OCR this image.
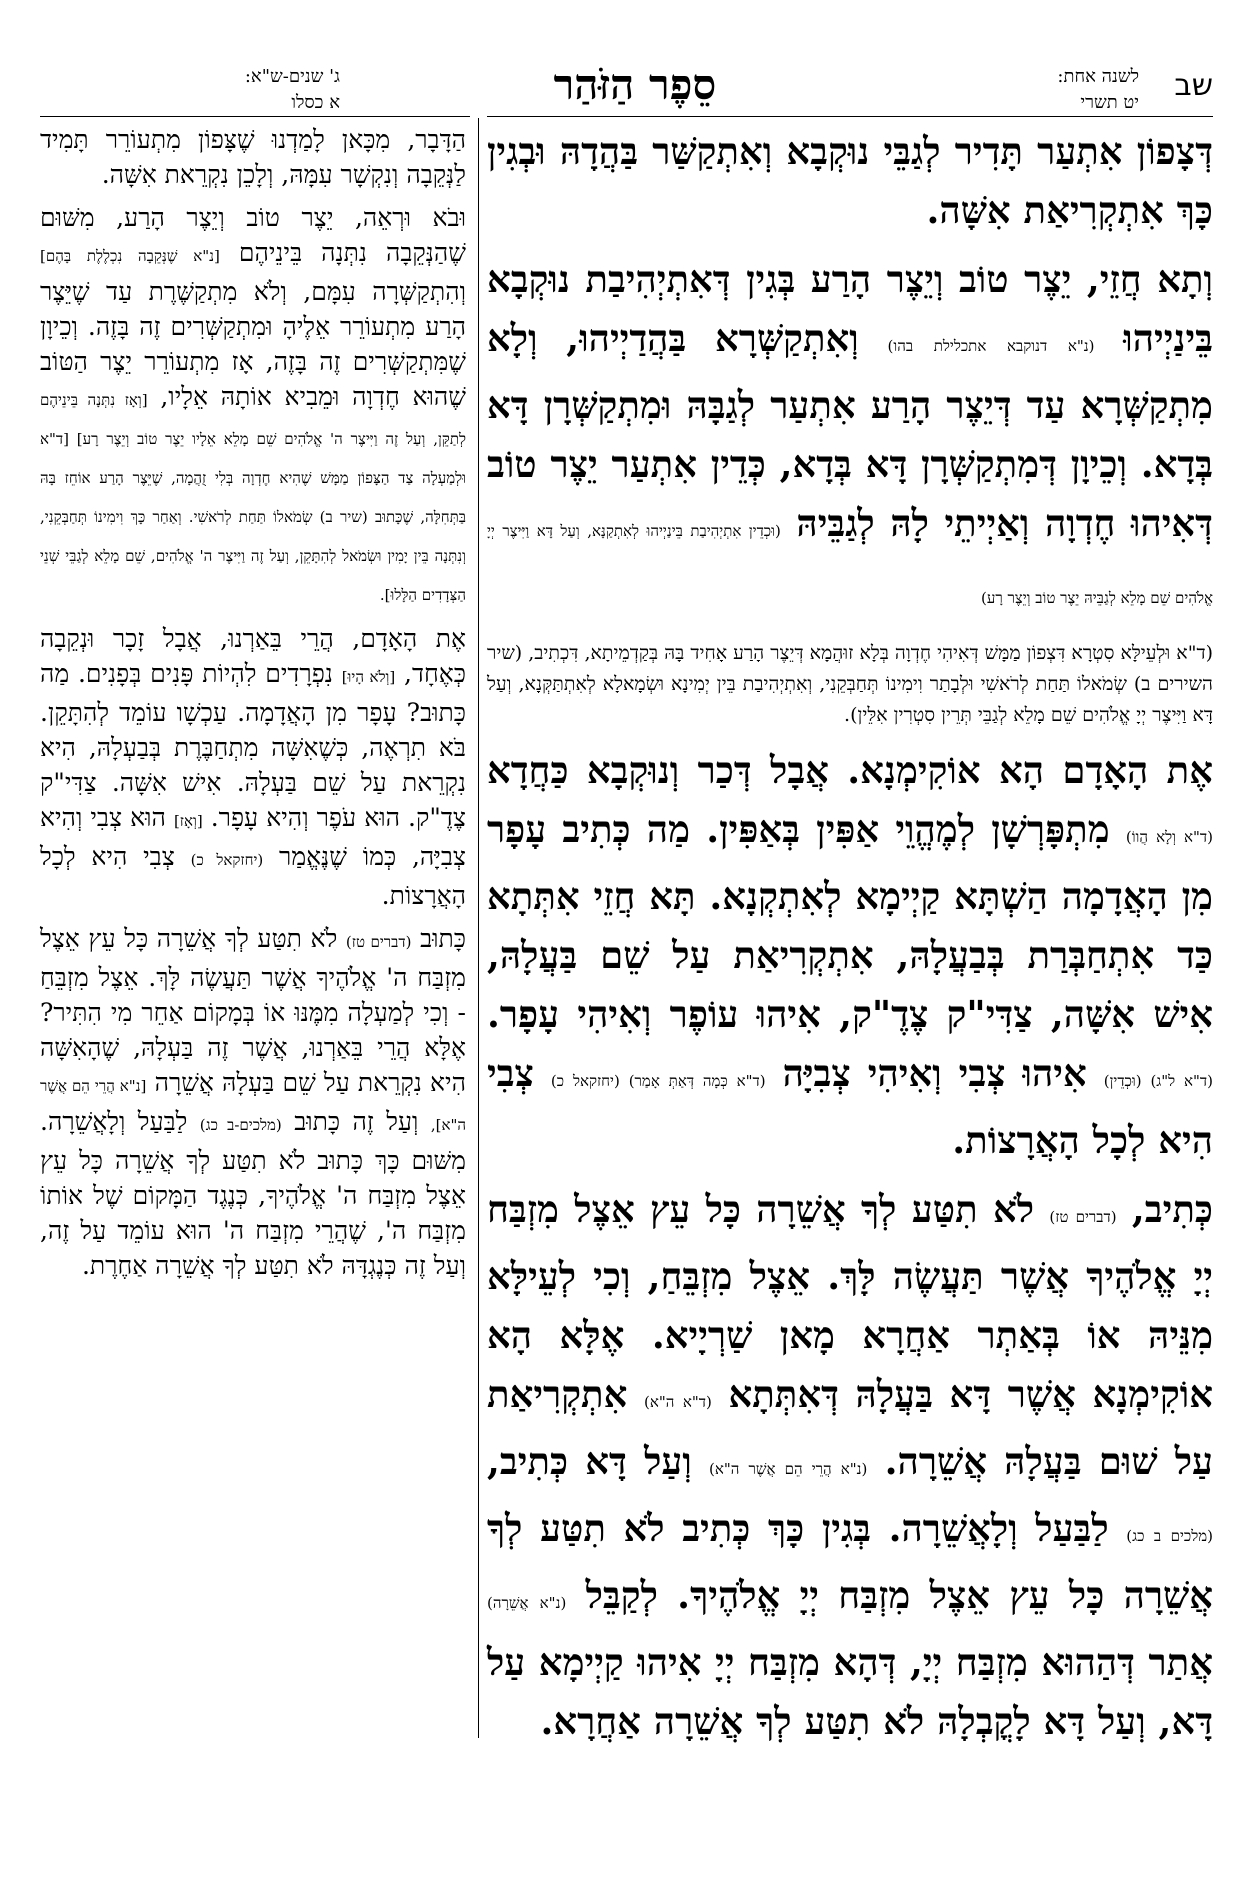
שב
לשנה אחת:
יט תשרי
סֵפֶר הַזֹּהַר
ג' שנים-ש"א:
א כסלו

דְּצָפוֹן אִתְעַר תָּדִיר לְגַבֵּי נוּקְבָא וְאִתְקַשַּׁר בַּהֲדָהּ וּבְגִין כָּךְ אִתְקְרִיאַת אִשָּׁה.

וְתָא חֲזֵי, יֵצֶר טוֹב וְיֵצֶר הָרַע בְּגִין דְּאִתְיְהִיבַת נוּקְבָא בֵּינַיְיהוּ (נ"א דנוקבא אתכלילת בהו) וְאִתְקַשְּׁרָא בַּהֲדַיְיהוּ, וְלָא מִתְקַשְּׁרָא עַד דְּיֵצֶר הָרַע אִתְעַר לְגַבָּהּ וּמִתְקַשְּׁרָן דָּא בְּדָא. וְכֵיוָן דְּמִתְקַשְּׁרָן דָּא בְּדָא, כְּדֵין אִתְעַר יֵצֶר טוֹב דְּאִיהוּ חֶדְוָה וְאַיְיתֵי לָהּ לְגַבֵּיהּ (וּכְדֵין אִתְיְהִיבַת בֵּינַיְיהוּ לְאִתְקַנָּא, וְעַל דָּא וַיִּיצֶר יְיָ אֱלֹהִים שֵׁם מָלֵא לְגַבֵּיהּ יֵצֶר טוֹב וְיֵצֶר רָע)

(ד"א וּלְעֵילָּא סִטְרָא דִּצְפוֹן מַמָּשׁ דְּאִיהִי חֶדְוָה בְּלָא זוּהֲמָא דְּיֵצֶר הָרַע אָחִיד בָּהּ בְּקַדְמֵיתָא, דִּכְתִיב, (שיר השירים ב) שְׂמֹאלוֹ תַּחַת לְרֹאשִׁי וּלְבָתַר וִימִינוֹ תְּחַבְּקֵנִי, וְאִתְיְהִיבַת בֵּין יְמִינָא וּשְׂמָאלָא לְאִתְתַּקְּנָא, וְעַל דָּא וַיִּיצֶר יְיָ אֱלֹהִים שֵׁם מָלֵא לְגַבֵּי תְּרֵין סִטְרִין אִלֵּין).

אֶת הָאָדָם הָא אוֹקִימְנָא. אֲבָל דְּכַר וְנוּקְבָא כַּחֲדָא (ד"א וְלָא הֲווֹ) מִתְפָּרְשָׁן לְמֶהֱוֵי אַפִּין בְּאַפִּין. מַה כְּתִיב עָפָר מִן הָאֲדָמָה הַשְׁתָּא קַיְימָא לְאִתְקְנָא. תָּא חֲזֵי אִתְּתָא כַּד אִתְחַבְּרַת בְּבַעֲלָהּ, אִתְקְרִיאַת עַל שֵׁם בַּעֲלָהּ, אִישׁ אִשָּׁה, צַדִּי"ק צֶדֶ"ק, אִיהוּ עוֹפֶר וְאִיהִי עָפָר. (ד"א ל"ג) (וּכְדֵין) אִיהוּ צְבִי וְאִיהִי צְבִיָּה (ד"א כְּמָה דְּאַתְּ אָמַר) (יחזקאל כ) צְבִי הִיא לְכָל הָאֲרָצוֹת.

כְּתִיב, (דברים טז) לֹא תִטַּע לְךָ אֲשֵׁרָה כָּל עֵץ אֵצֶל מִזְבַּח יְיָ אֱלֹהֶיךָ אֲשֶׁר תַּעֲשֶׂה לָּךְ. אֵצֶל מִזְבֵּחַ, וְכִי לְעֵילָּא מִנֵּיהּ אוֹ בְּאַתְר אַחֲרָא מָאן שַׁרְיָיא. אֶלָּא הָא אוֹקִימְנָא אֲשֶׁר דָּא בַּעֲלָהּ דְּאִתְּתָא (ד"א ה"א) אִתְקְרִיאַת עַל שׁוּם בַּעֲלָהּ אֲשֵׁרָה. (נ"א הֲרֵי הֵם אֲשֶׁר ה"א) וְעַל דָּא כְּתִיב, (מלכים ב כג) לַבַּעַל וְלָאֲשֵׁרָה. בְּגִין כָּךְ כְּתִיב לֹא תִטַּע לְךָ אֲשֵׁרָה כָּל עֵץ אֵצֶל מִזְבַּח יְיָ אֱלֹהֶיךָ. לְקַבֵּל (נ"א אֲשֵׁרָה) אֲתַר דְּהַהוּא מִזְבַּח יְיָ, דְּהָא מִזְבַּח יְיָ אִיהוּ קַיְימָא עַל דָּא, וְעַל דָּא לָקֳבְלָהּ לֹא תִטַּע לְךָ אֲשֵׁרָה אַחֲרָא.

הַדָּבָר, מִכָּאן לָמַדְנוּ שֶׁצָּפוֹן מִתְעוֹרֵר תָּמִיד לַנְּקֵבָה וְנִקְשָׁר עִמָּהּ, וְלָכֵן נִקְרֵאת אִשָּׁה.

וּבֹא וּרְאֵה, יֵצֶר טוֹב וְיֵצֶר הָרַע, מִשּׁוּם שֶׁהַנְּקֵבָה נִתְּנָה בֵּינֵיהֶם [נ"א שֶׁנְּקֵבָה נִכְלֶלֶת בָּהֶם] וְהִתְקַשְּׁרָה עִמָּם, וְלֹא מִתְקַשֶּׁרֶת עַד שֶׁיֵּצֶר הָרַע מִתְעוֹרֵר אֵלֶיהָ וּמִתְקַשְּׁרִים זֶה בָּזֶה. וְכֵיוָן שֶׁמִּתְקַשְּׁרִים זֶה בָּזֶה, אָז מִתְעוֹרֵר יֵצֶר הַטּוֹב שֶׁהוּא חֶדְוָה וּמֵבִיא אוֹתָהּ אֵלָיו, [וְאָז נִתְּנָה בֵּינֵיהֶם לְתַקֵּן, וְעַל זֶה וַיִּיצֶר ה' אֱלֹהִים שֵׁם מָלֵא אֵלָיו יֵצֶר טוֹב וְיֵצֶר רָע] [ד"א וּלְמַעְלָה צַד הַצָּפוֹן מַמָּשׁ שֶׁהִיא חֶדְוָה בְּלִי זֻהֲמָה, שֶׁיֵּצֶר הָרַע אוֹחֵז בָּהּ בַּתְּחִלָּה, שֶׁכָּתוּב (שיר ב) שְׂמֹאלוֹ תַּחַת לְרֹאשִׁי. וְאַחַר כָּךְ וִימִינוֹ תְּחַבְּקֵנִי, וְנִתְּנָה בֵּין יָמִין וּשְׂמֹאל לְהִתָּקֵן, וְעַל זֶה וַיִּיצֶר ה' אֱלֹהִים, שֵׁם מָלֵא לְגַבֵּי שְׁנֵי הַצְּדָדִים הַלָּלוּ].

אֶת הָאָדָם, הֲרֵי בֵּאַרְנוּ, אֲבָל זָכָר וּנְקֵבָה כְּאֶחָד, [וְלֹא הָיוּ] נִפְרָדִים לִהְיוֹת פָּנִים בְּפָנִים. מַה כָּתוּב? עָפָר מִן הָאֲדָמָה. עַכְשָׁו עוֹמֵד לְהִתָּקֵן. בֹּא תִרְאֶה, כְּשֶׁאִשָּׁה מִתְחַבֶּרֶת בְּבַעְלָהּ, הִיא נִקְרֵאת עַל שֵׁם בַּעְלָהּ. אִישׁ אִשָּׁה. צַדִּי"ק צֶדֶ"ק. הוּא עֹפֶר וְהִיא עָפָר. [וְאָז] הוּא צְבִי וְהִיא צְבִיָּה, כְּמוֹ שֶׁנֶּאֱמַר (יחזקאל כ) צְבִי הִיא לְכָל הָאֲרָצוֹת.

כָּתוּב (דברים טז) לֹא תִטַּע לְךָ אֲשֵׁרָה כָּל עֵץ אֵצֶל מִזְבַּח ה' אֱלֹהֶיךָ אֲשֶׁר תַּעֲשֶׂה לָּךְ. אֵצֶל מִזְבֵּחַ - וְכִי לְמַעְלָה מִמֶּנּוּ אוֹ בְּמָקוֹם אַחֵר מִי הִתִּיר? אֶלָּא הֲרֵי בֵּאַרְנוּ, אֲשֶׁר זֶה בַּעְלָהּ, שֶׁהָאִשָּׁה הִיא נִקְרֵאת עַל שֵׁם בַּעְלָהּ אֲשֵׁרָה [נ"א הֲרֵי הֵם אֲשֶׁר ה"א], וְעַל זֶה כָּתוּב (מלכים-ב כג) לַבַּעַל וְלָאֲשֵׁרָה. מִשּׁוּם כָּךְ כָּתוּב לֹא תִטַּע לְךָ אֲשֵׁרָה כָּל עֵץ אֵצֶל מִזְבַּח ה' אֱלֹהֶיךָ, כְּנֶגֶד הַמָּקוֹם שֶׁל אוֹתוֹ מִזְבַּח ה', שֶׁהֲרֵי מִזְבַּח ה' הוּא עוֹמֵד עַל זֶה, וְעַל זֶה כְּנֶגְדָּהּ לֹא תִטַּע לְךָ אֲשֵׁרָה אַחֶרֶת.
